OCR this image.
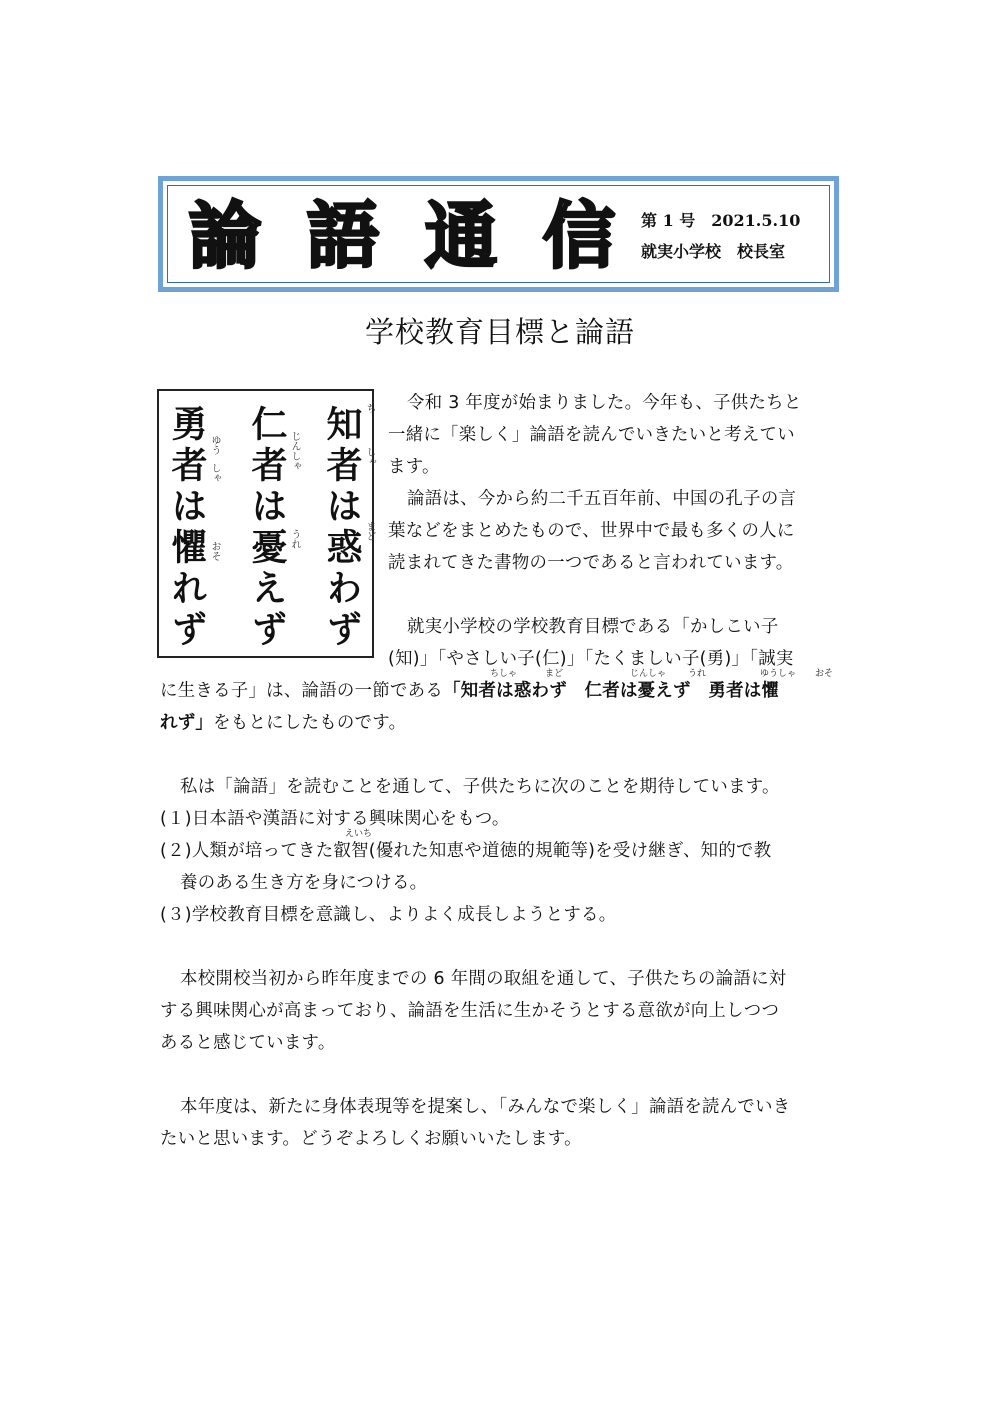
論 語 通 信	第 1 号　2021.5.10
就実小学校　校長室
学校教育目標と論語
知者は惑わず
仁者は憂えず
勇者は懼れず	ち
しゃ
まど
じん
しゃ
うれ
ゆう
しゃ
おそ

令和 3 年度が始まりました。今年も、子供たちと

一緒に「楽しく」論語を読んでいきたいと考えてい

ます。

論語は、今から約二千五百年前、中国の孔子の言

葉などをまとめたもので、世界中で最も多くの人に

読まれてきた書物の一つであると言われています。

就実小学校の学校教育目標である「かしこい子

(知)」「やさしい子(仁)」「たくましい子(勇)」「誠実

に生きる子」は、論語の一節である「知者は惑わず　仁者は憂えず　勇者は懼

れず」をもとにしたものです。

ちしゃ	まど	じんしゃ うれ	ゆうしゃ おそ

私は「論語」を読むことを通して、子供たちに次のことを期待しています。

(１)日本語や漢語に対する興味関心をもつ。

(２)人類が培ってきた叡智(優れた知恵や道徳的規範等)を受け継ぎ、知的で教

養のある生き方を身につける。

(３)学校教育目標を意識し、よりよく成長しようとする。

えいち

本校開校当初から昨年度までの 6 年間の取組を通して、子供たちの論語に対

する興味関心が高まっており、論語を生活に生かそうとする意欲が向上しつつ

あると感じています。

本年度は、新たに身体表現等を提案し、「みんなで楽しく」論語を読んでいき

たいと思います。どうぞよろしくお願いいたします。
